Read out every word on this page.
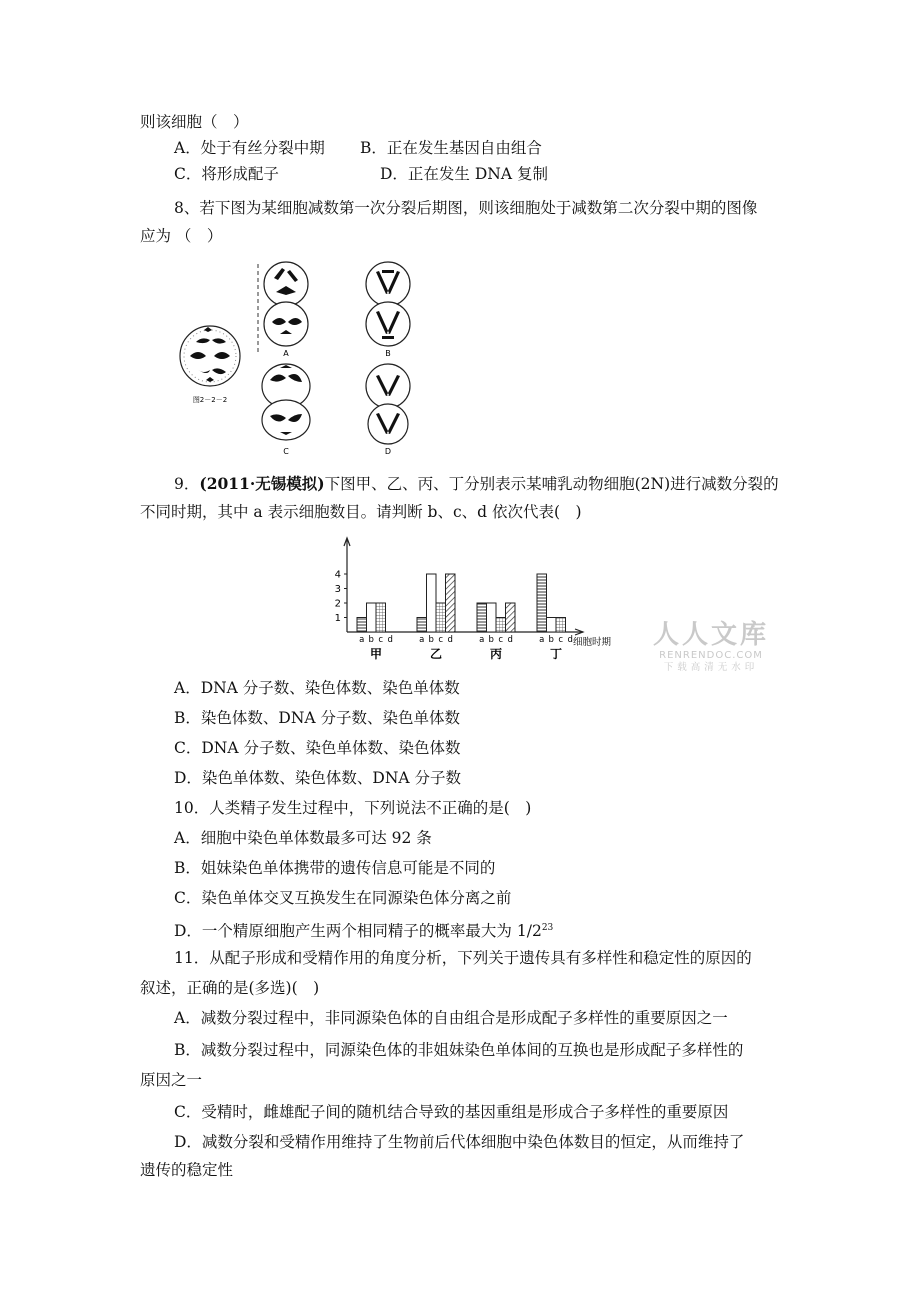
则该细胞（　）
A．处于有丝分裂中期 B．正在发生基因自由组合
C．将形成配子	D．正在发生 DNA 复制
8、若下图为某细胞减数第一次分裂后期图，则该细胞处于减数第二次分裂中期的图像
应为 （　）
图2－2－2
A	B
C	D
9．(2011·无锡模拟)下图甲、乙、丙、丁分别表示某哺乳动物细胞(2N)进行减数分裂的
不同时期，其中 a 表示细胞数目。请判断 b、c、d 依次代表(　)
1
2
3
4
a b c d
甲
a b c d
乙
a b c d
丙
a b c d
丁
细胞时期 人人文库
RENRENDOC.COM
下载高清无水印
A．DNA 分子数、染色体数、染色单体数
B．染色体数、DNA 分子数、染色单体数
C．DNA 分子数、染色单体数、染色体数
D．染色单体数、染色体数、DNA 分子数
10．人类精子发生过程中，下列说法不正确的是(　)
A．细胞中染色单体数最多可达 92 条
B．姐妹染色单体携带的遗传信息可能是不同的
C．染色单体交叉互换发生在同源染色体分离之前
D．一个精原细胞产生两个相同精子的概率最大为 $1/2^{23}$
11．从配子形成和受精作用的角度分析，下列关于遗传具有多样性和稳定性的原因的
叙述，正确的是(多选)(　)
A．减数分裂过程中，非同源染色体的自由组合是形成配子多样性的重要原因之一
B．减数分裂过程中，同源染色体的非姐妹染色单体间的互换也是形成配子多样性的
原因之一
C．受精时，雌雄配子间的随机结合导致的基因重组是形成合子多样性的重要原因
D．减数分裂和受精作用维持了生物前后代体细胞中染色体数目的恒定，从而维持了
遗传的稳定性
